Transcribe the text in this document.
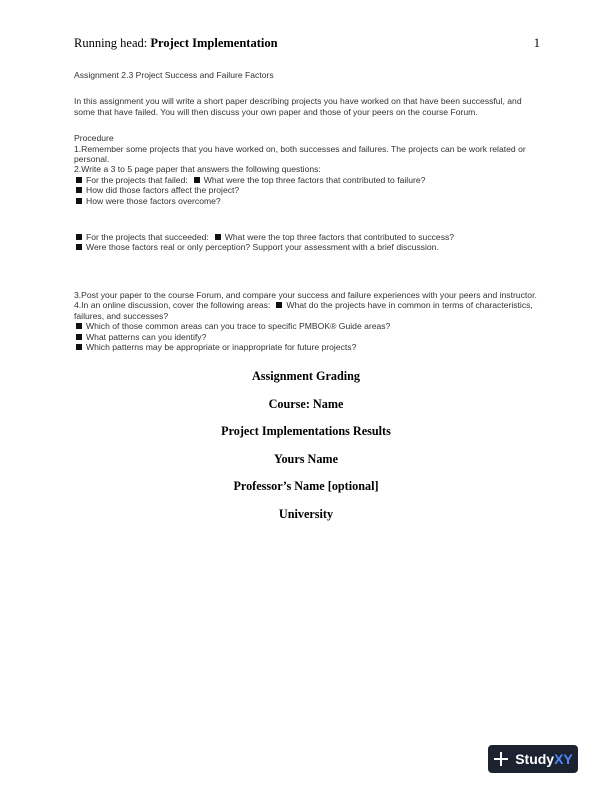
Running head: Project Implementation	1

Assignment 2.3 Project Success and Failure Factors

In this assignment you will write a short paper describing projects you have worked on that have been successful, and some that have failed. You will then discuss your own paper and those of your peers on the course Forum.

Procedure

1.Remember some projects that you have worked on, both successes and failures. The projects can be work related or personal.

2.Write a 3 to 5 page paper that answers the following questions:

For the projects that failed: What were the top three factors that contributed to failure?

How did those factors affect the project?

How were those factors overcome?

For the projects that succeeded: What were the top three factors that contributed to success?

Were those factors real or only perception? Support your assessment with a brief discussion.

3.Post your paper to the course Forum, and compare your success and failure experiences with your peers and instructor.

4.In an online discussion, cover the following areas: What do the projects have in common in terms of characteristics, failures, and successes?

Which of those common areas can you trace to specific PMBOK® Guide areas?

What patterns can you identify?

Which patterns may be appropriate or inappropriate for future projects?

Assignment Grading
Course: Name
Project Implementations Results
Yours Name
Professor’s Name [optional]
University
StudyXY
